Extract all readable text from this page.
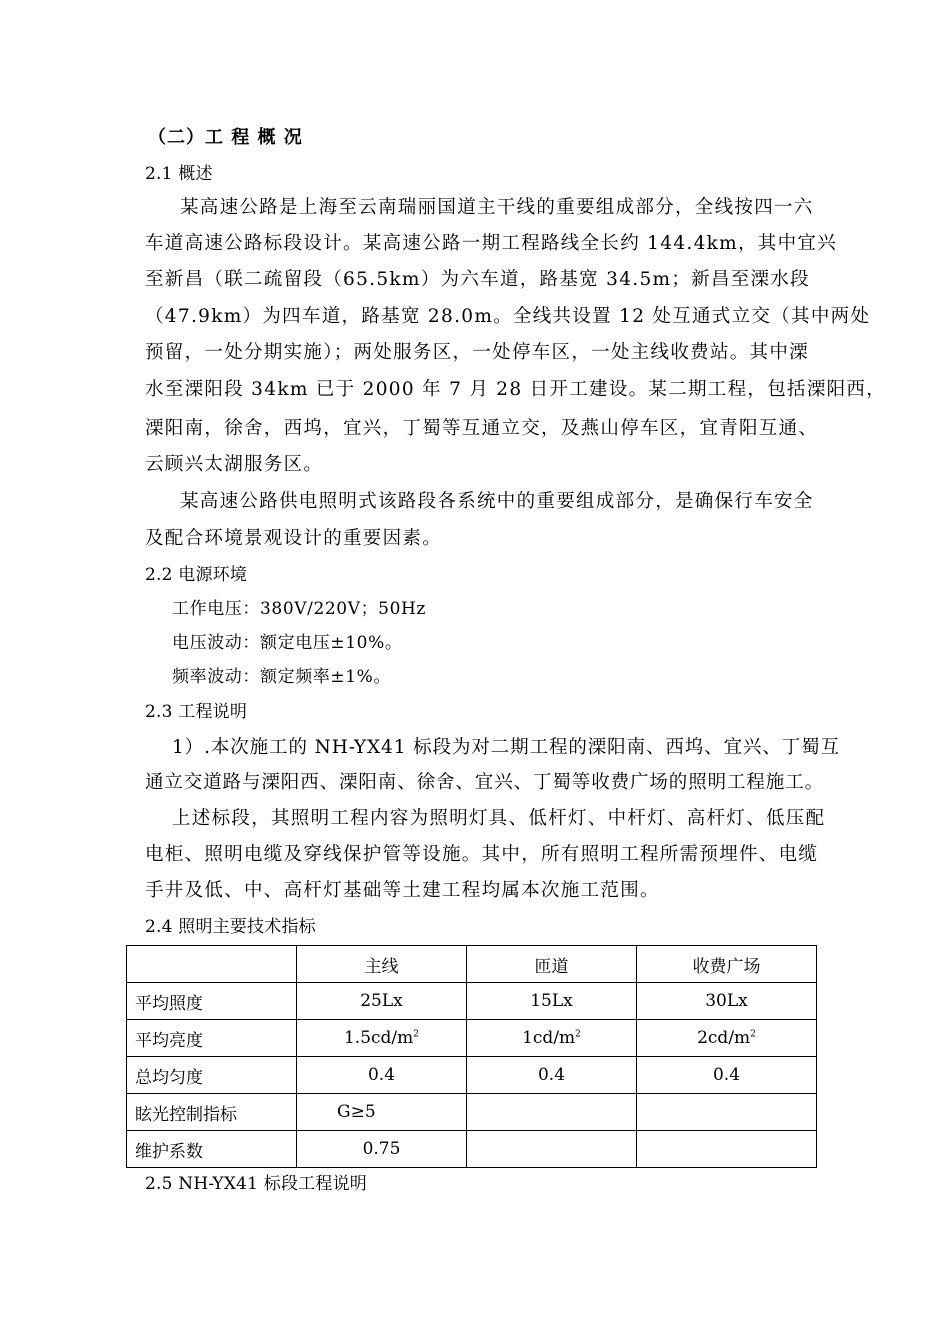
（二）工 程 概 况
2.1 概述
某高速公路是上海至云南瑞丽国道主干线的重要组成部分，全线按四一六
车道高速公路标段设计。某高速公路一期工程路线全长约 144.4km，其中宜兴
至新昌（联二疏留段（65.5km）为六车道，路基宽 34.5m；新昌至溧水段
（47.9km）为四车道，路基宽 28.0m。全线共设置 12 处互通式立交（其中两处
预留，一处分期实施）；两处服务区，一处停车区，一处主线收费站。其中溧
水至溧阳段 34km 已于 2000 年 7 月 28 日开工建设。某二期工程，包括溧阳西，
溧阳南，徐舍，西坞，宜兴，丁蜀等互通立交，及燕山停车区，宜青阳互通、
云顾兴太湖服务区。
某高速公路供电照明式该路段各系统中的重要组成部分，是确保行车安全
及配合环境景观设计的重要因素。
2.2 电源环境
工作电压：380V/220V；50Hz
电压波动：额定电压±10%。
频率波动：额定频率±1%。
2.3 工程说明
1）.本次施工的 NH-YX41 标段为对二期工程的溧阳南、西坞、宜兴、丁蜀互
通立交道路与溧阳西、溧阳南、徐舍、宜兴、丁蜀等收费广场的照明工程施工。
上述标段，其照明工程内容为照明灯具、低杆灯、中杆灯、高杆灯、低压配
电柜、照明电缆及穿线保护管等设施。其中，所有照明工程所需预埋件、电缆
手井及低、中、高杆灯基础等土建工程均属本次施工范围。
2.4 照明主要技术指标
	主线	匝道	收费广场
平均照度	25Lx	15Lx	30Lx
平均亮度	$1.5cd/m^2$	$1cd/m^2$	$2cd/m^2$
总均匀度	0.4	0.4	0.4
眩光控制指标	G≥5		
维护系数	0.75		
2.5 NH-YX41 标段工程说明
